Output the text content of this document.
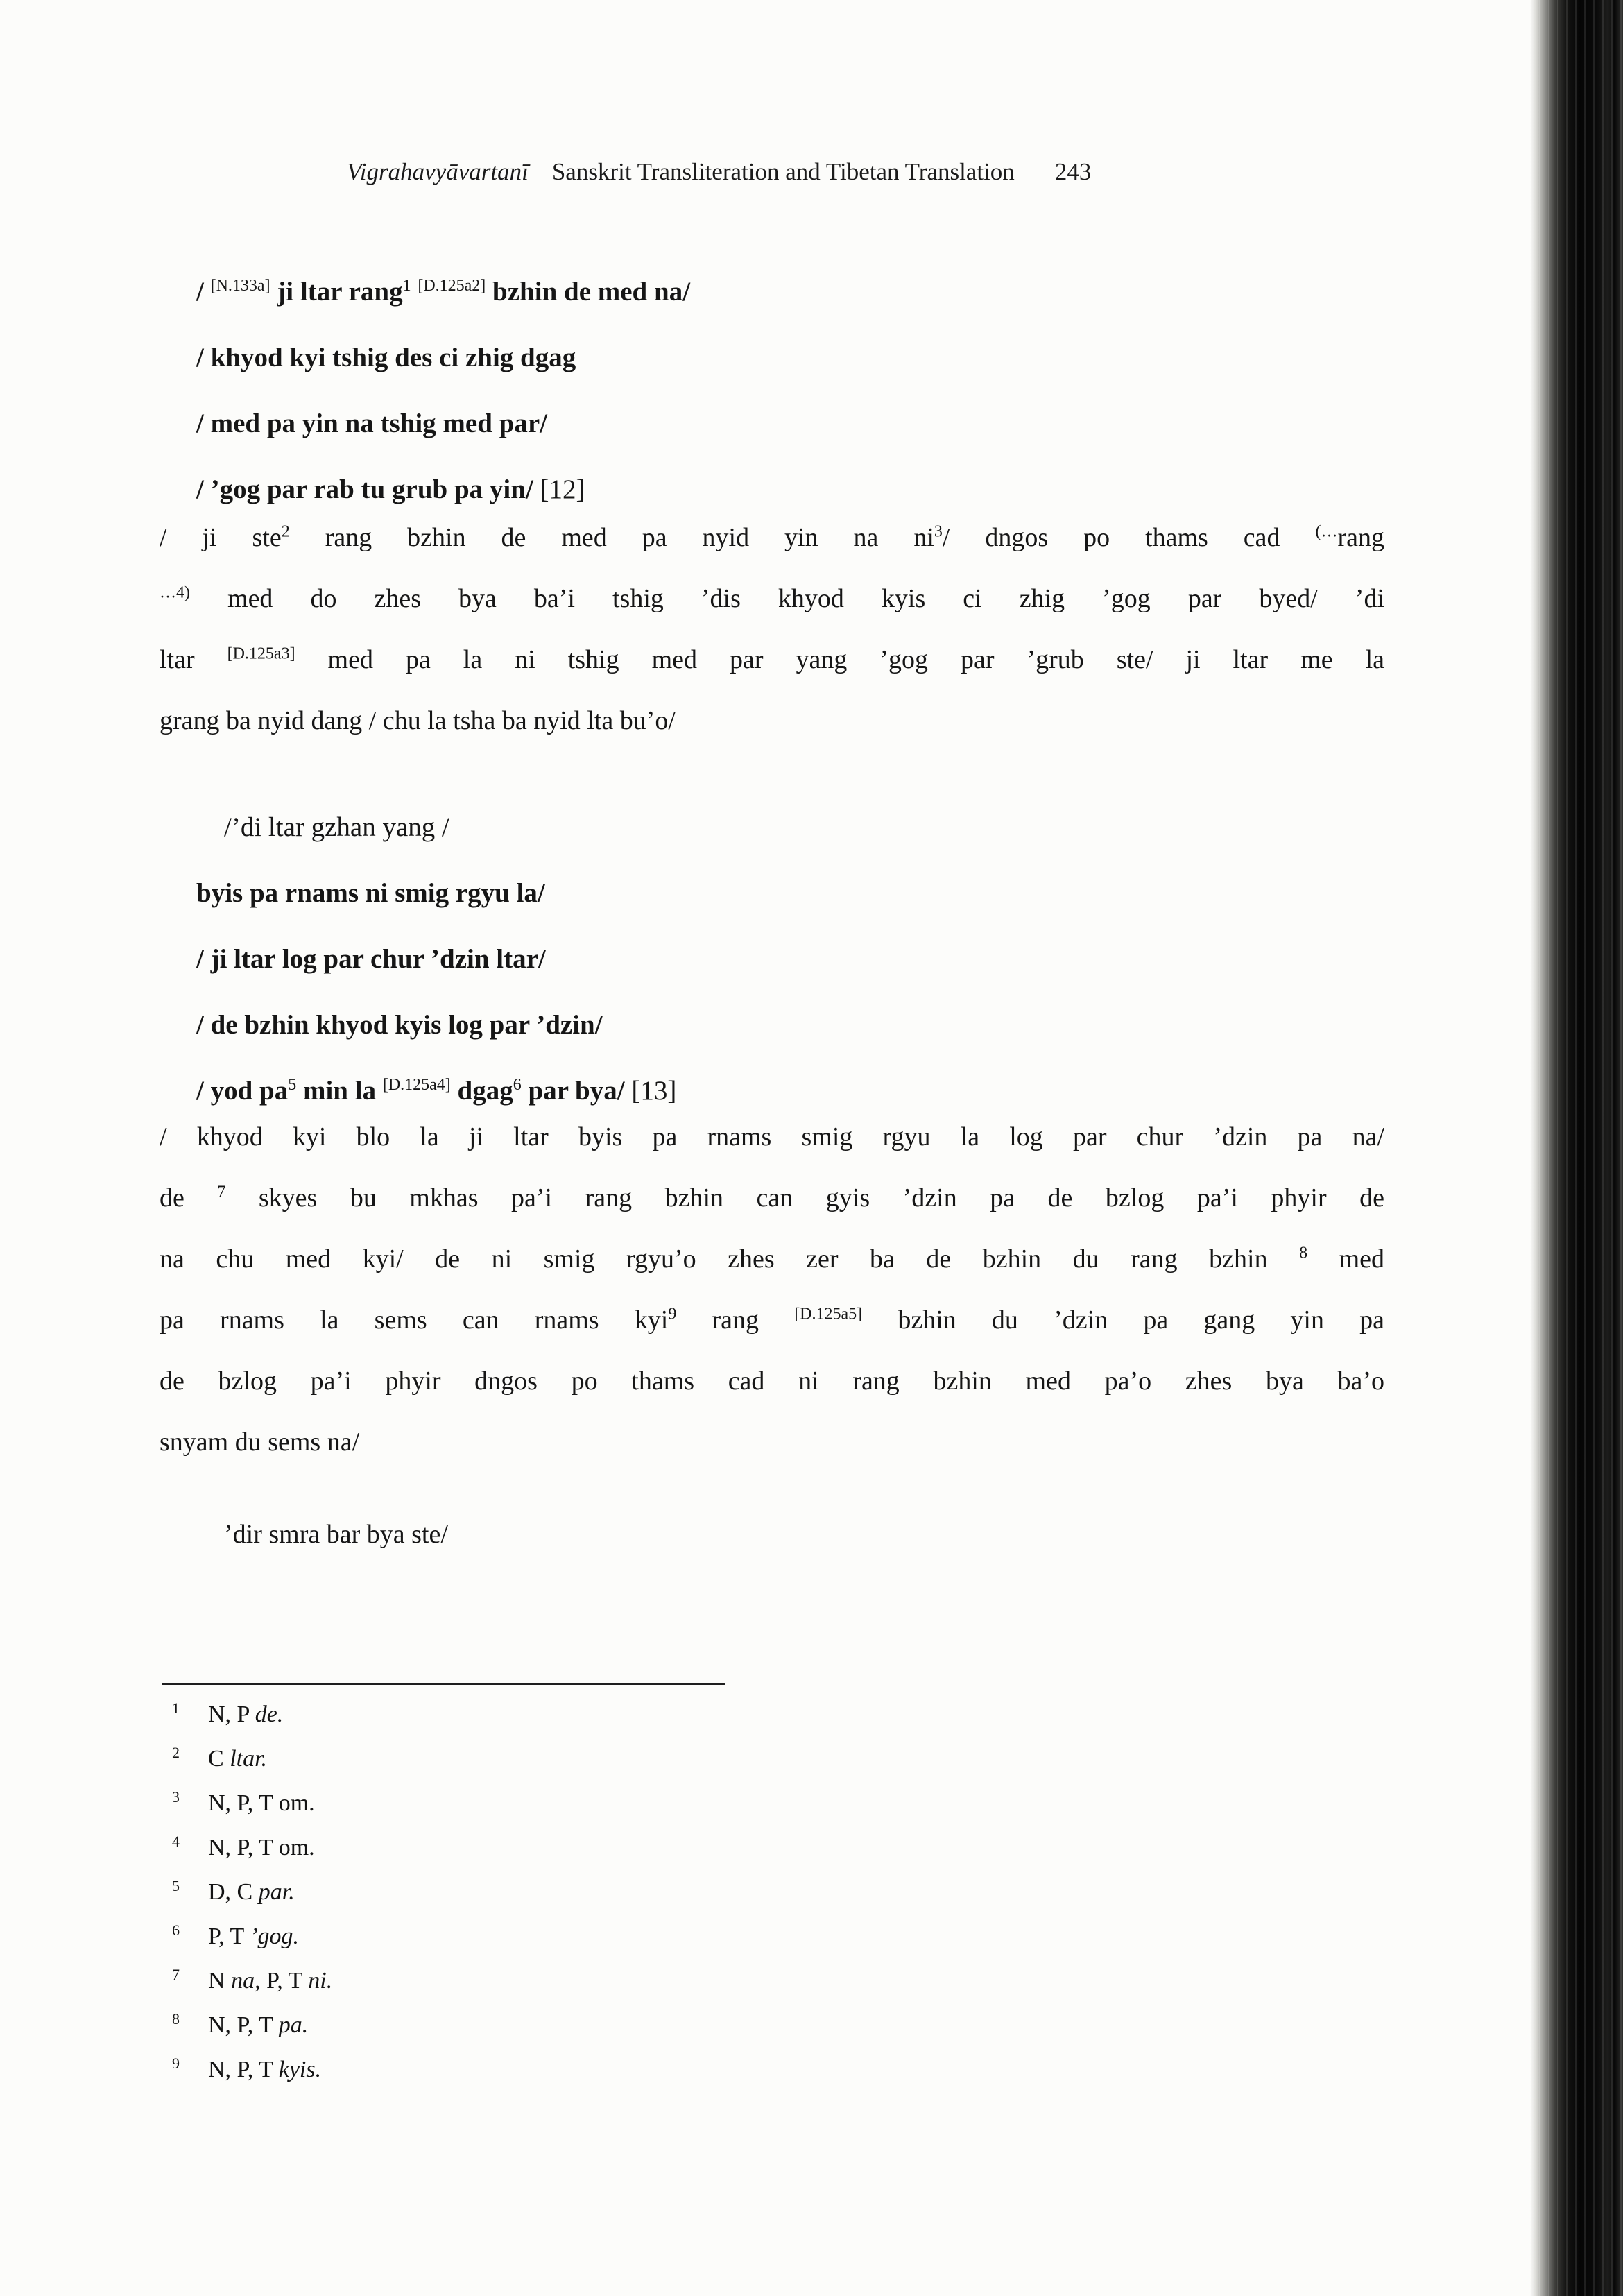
Vigrahavyāvartanī Sanskrit Transliteration and Tibetan Translation 243
/ [N.133a] ji ltar rang$^1$ [D.125a2] bzhin de med na/
/ khyod kyi tshig des ci zhig dgag
/ med pa yin na tshig med par/
/ ’gog par rab tu grub pa yin/ [12]
/ ji ste$^2$ rang bzhin de med pa nyid yin na $ni^3/$ dngos po thams cad (…rang
$^{\dots 4)}$ med do zhes bya ba’i tshig ’dis khyod kyis ci zhig ’gog par byed/ ’di
ltar [D.125a3] med pa la ni tshig med par yang ’gog par ’grub ste/ ji ltar me la
grang ba nyid dang / chu la tsha ba nyid lta bu’o/
/’di ltar gzhan yang /
byis pa rnams ni smig rgyu la/
/ ji ltar log par chur ’dzin ltar/
/ de bzhin khyod kyis log par ’dzin/
/ yod $pa^5$ min la [D.125a4] dgag$^6$ par bya/ [13]
/ khyod kyi blo la ji ltar byis pa rnams smig rgyu la log par chur ’dzin pa na/
de $^7$ skyes bu mkhas pa’i rang bzhin can gyis ’dzin pa de bzlog pa’i phyir de
na chu med kyi/ de ni smig rgyu’o zhes zer ba de bzhin du rang bzhin $^8$ med
pa rnams la sems can rnams kyi$^9$ rang [D.125a5] bzhin du ’dzin pa gang yin pa
de bzlog pa’i phyir dngos po thams cad ni rang bzhin med pa’o zhes bya ba’o
snyam du sems na/
’dir smra bar bya ste/
1 N, P de.
2 C ltar.
3 N, P, T om.
4 N, P, T om.
5 D, C par.
6 P, T ’gog.
7 N na, P, T ni.
8 N, P, T pa.
9 N, P, T kyis.
